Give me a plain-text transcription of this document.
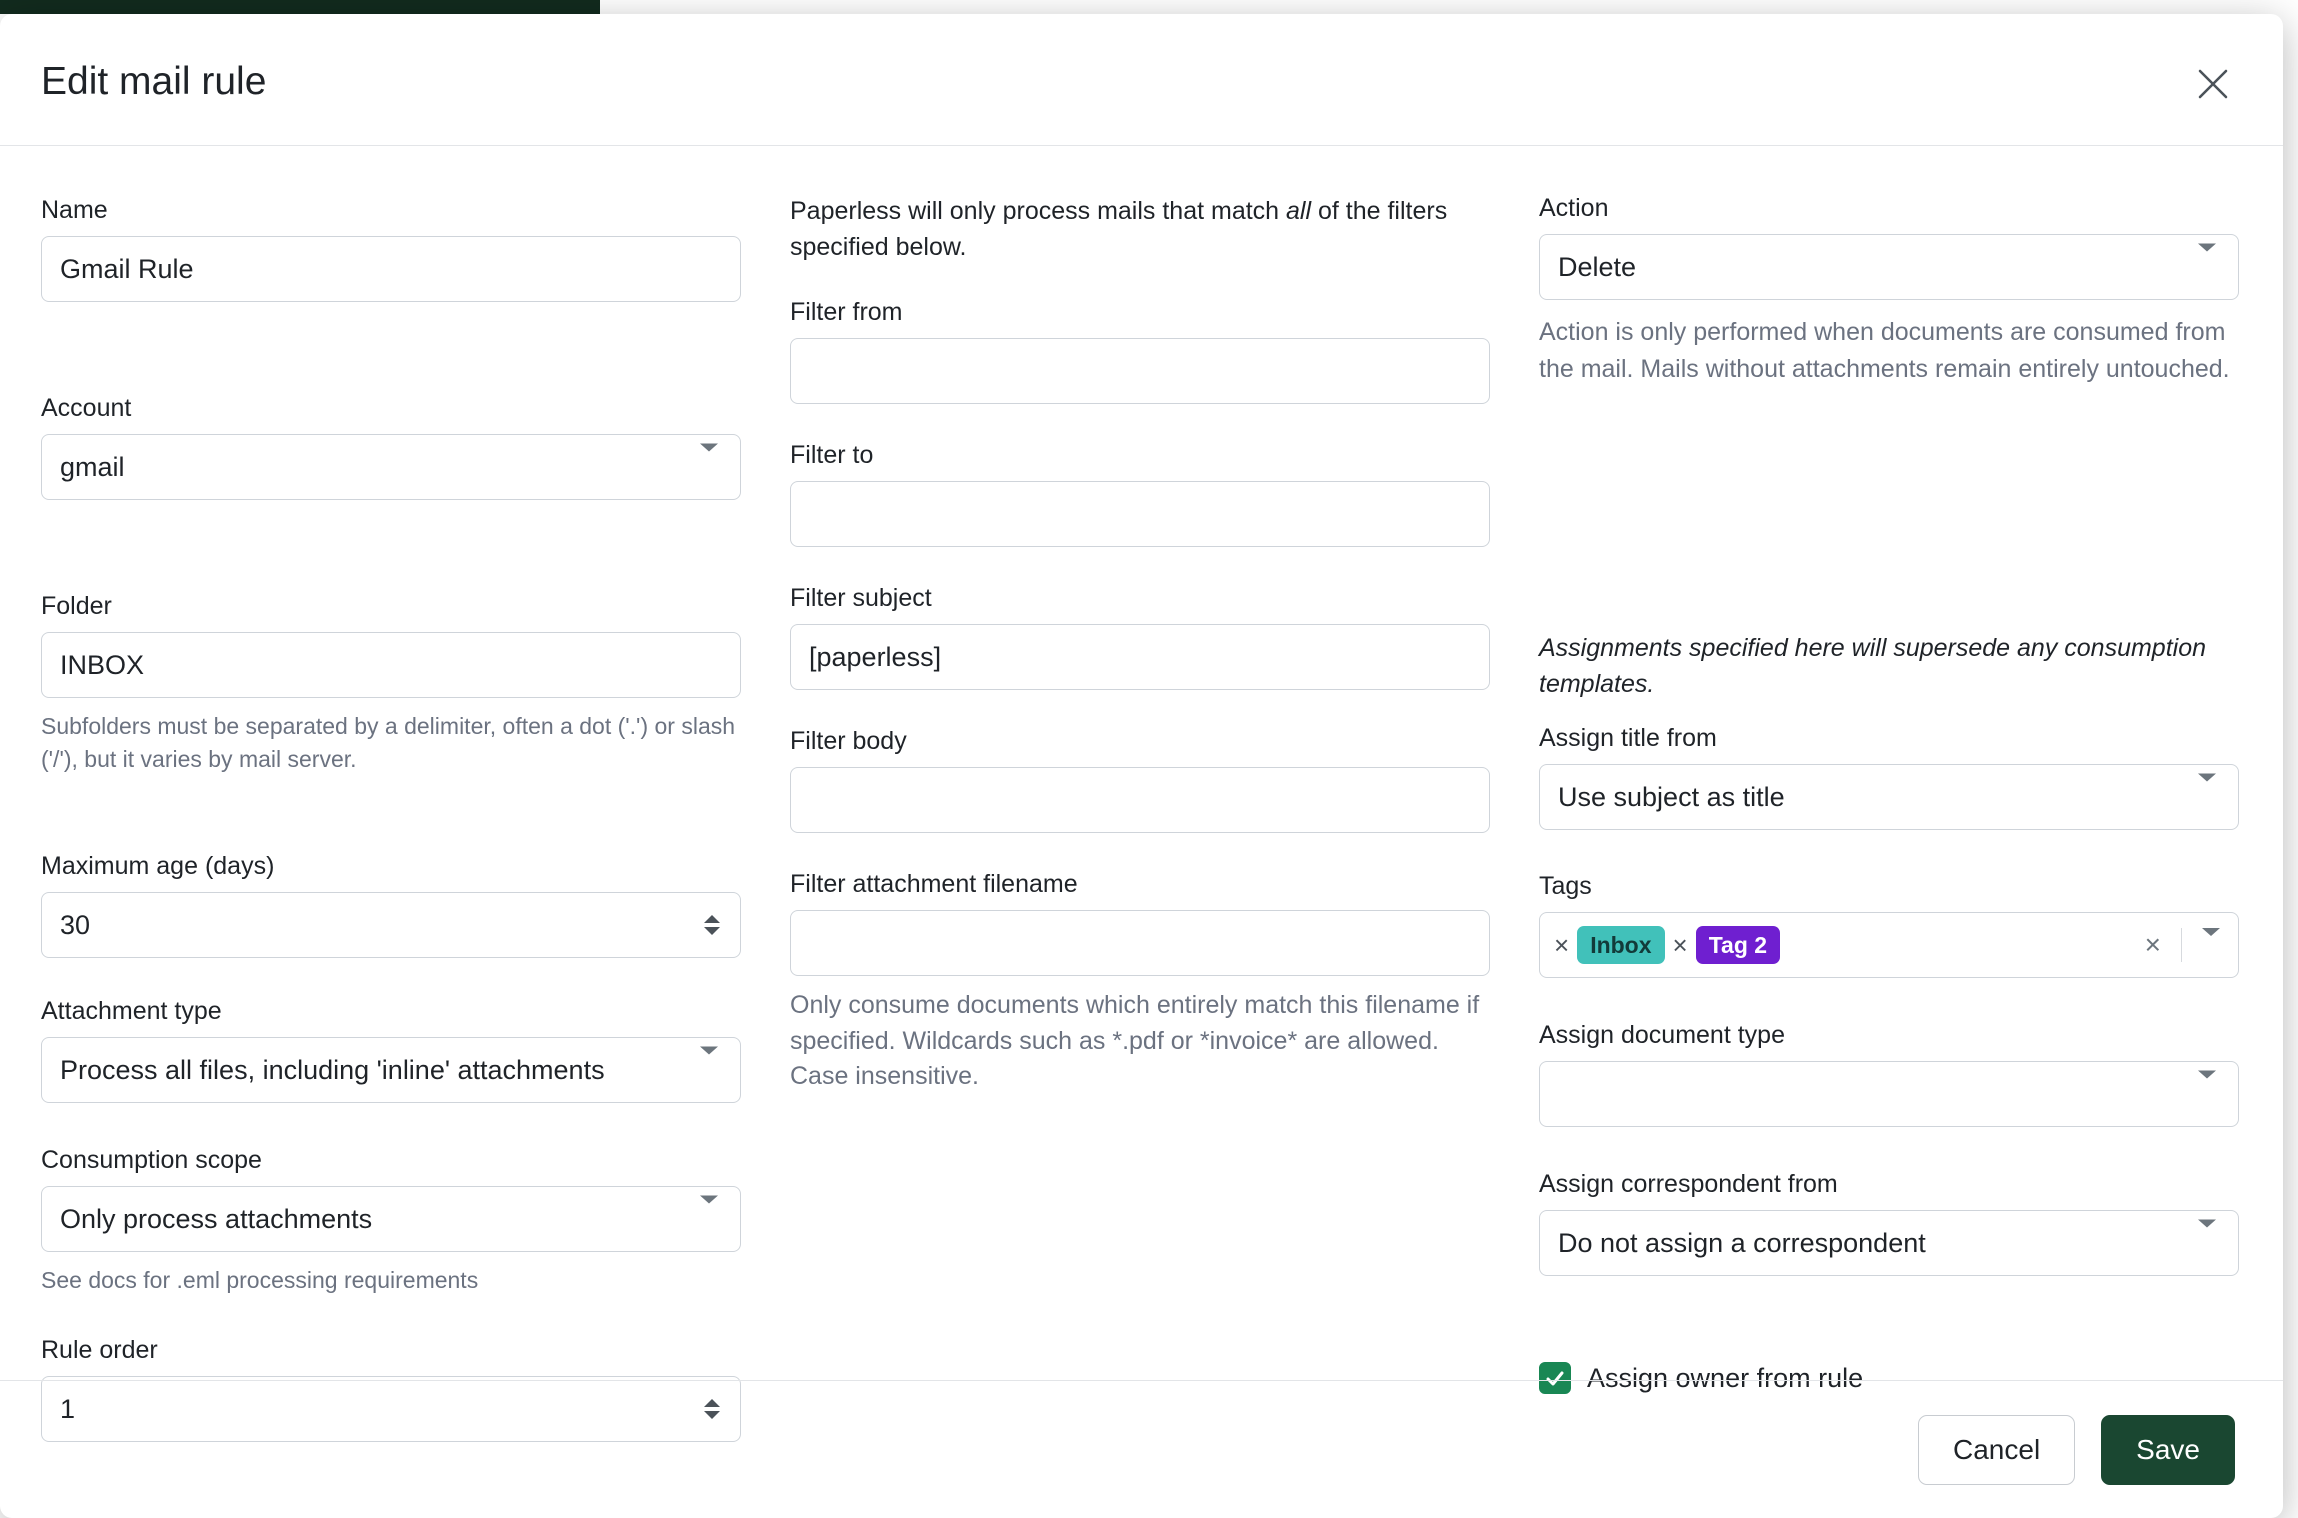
Edit mail rule
Name
Gmail Rule
Account
gmail
Folder
INBOX
Subfolders must be separated by a delimiter, often a dot ('.') or slash ('/'), but it varies by mail server.
Maximum age (days)
30
Attachment type
Process all files, including 'inline' attachments
Consumption scope
Only process attachments
See docs for .eml processing requirements
Rule order
1
Paperless will only process mails that match all of the filters specified below.
Filter from
Filter to
Filter subject
[paperless]
Filter body
Filter attachment filename
Only consume documents which entirely match this filename if specified. Wildcards such as *.pdf or *invoice* are allowed. Case insensitive.
Action
Delete
Action is only performed when documents are consumed from the mail. Mails without attachments remain entirely untouched.
Assignments specified here will supersede any consumption templates.
Assign title from
Use subject as title
Tags
× Inbox × Tag 2	×
Assign document type
Assign correspondent from
Do not assign a correspondent
Assign owner from rule
Cancel	Save
